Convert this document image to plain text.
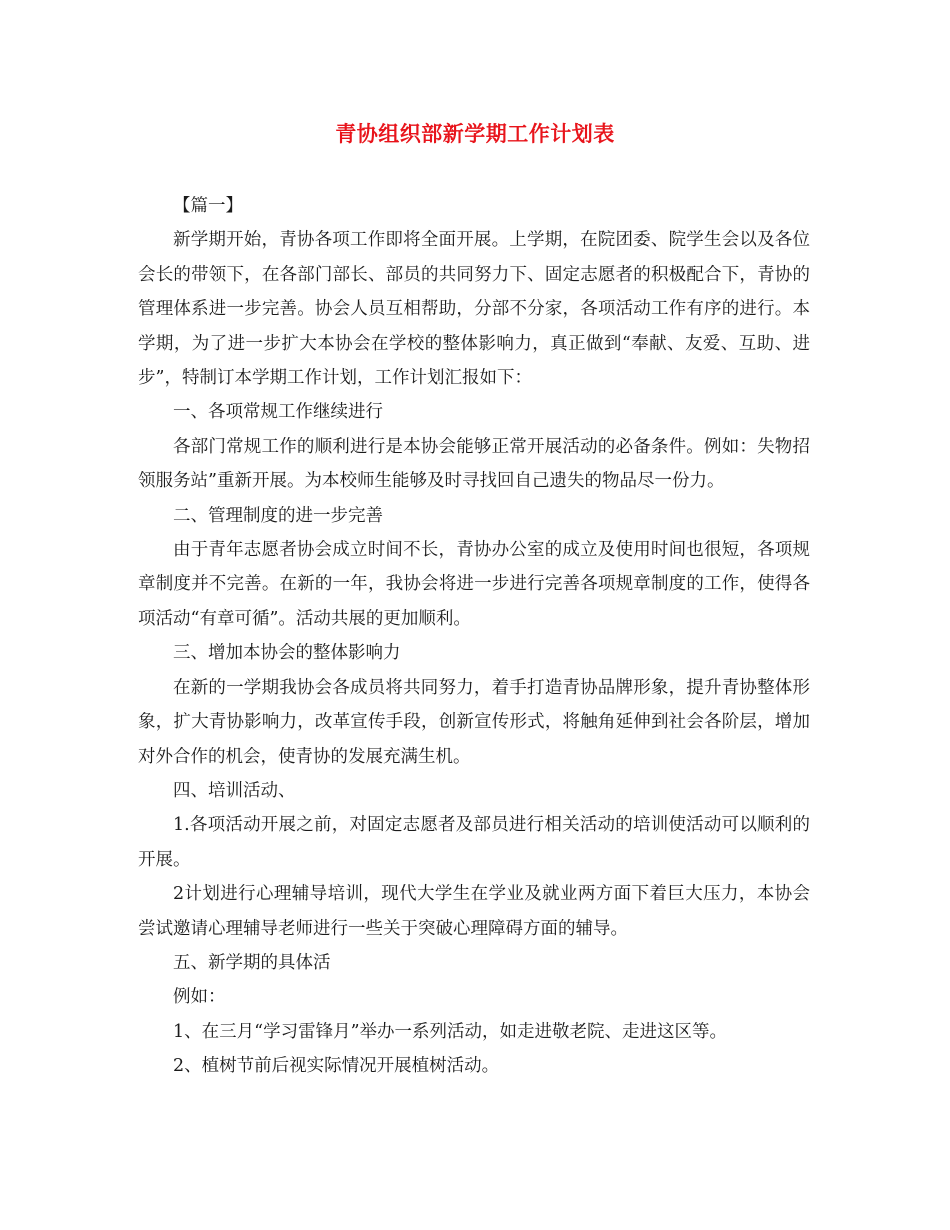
青协组织部新学期工作计划表

【篇一】

新学期开始，青协各项工作即将全面开展。上学期，在院团委、院学生会以及各位会长的带领下，在各部门部长、部员的共同努力下、固定志愿者的积极配合下，青协的管理体系进一步完善。协会人员互相帮助，分部不分家，各项活动工作有序的进行。本学期，为了进一步扩大本协会在学校的整体影响力，真正做到“奉献、友爱、互助、进步”，特制订本学期工作计划，工作计划汇报如下：

一、各项常规工作继续进行

各部门常规工作的顺利进行是本协会能够正常开展活动的必备条件。例如：失物招领服务站”重新开展。为本校师生能够及时寻找回自己遗失的物品尽一份力。

二、管理制度的进一步完善

由于青年志愿者协会成立时间不长，青协办公室的成立及使用时间也很短，各项规章制度并不完善。在新的一年，我协会将进一步进行完善各项规章制度的工作，使得各项活动“有章可循”。活动共展的更加顺利。

三、增加本协会的整体影响力

在新的一学期我协会各成员将共同努力，着手打造青协品牌形象，提升青协整体形象，扩大青协影响力，改革宣传手段，创新宣传形式，将触角延伸到社会各阶层，增加对外合作的机会，使青协的发展充满生机。

四、培训活动、

1.各项活动开展之前，对固定志愿者及部员进行相关活动的培训使活动可以顺利的开展。

2计划进行心理辅导培训，现代大学生在学业及就业两方面下着巨大压力，本协会尝试邀请心理辅导老师进行一些关于突破心理障碍方面的辅导。

五、新学期的具体活

例如：

1、在三月“学习雷锋月”举办一系列活动，如走进敬老院、走进这区等。

2、植树节前后视实际情况开展植树活动。
